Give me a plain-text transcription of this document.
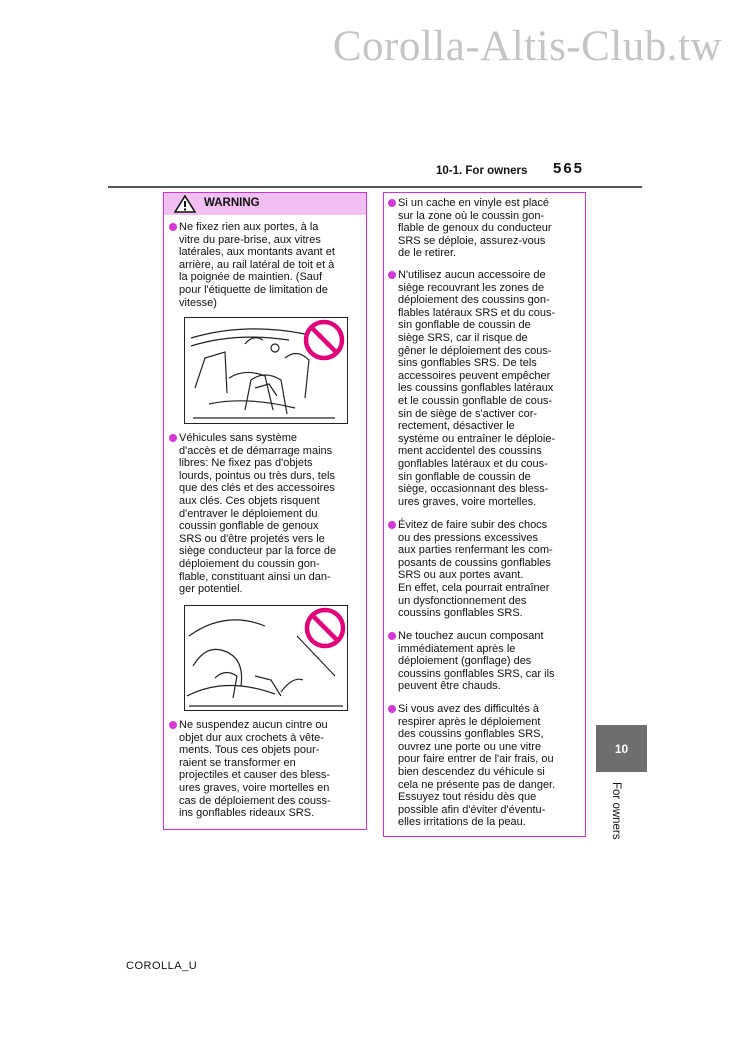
Corolla-Altis-Club.tw
10-1. For owners 565
WARNING
Ne fixez rien aux portes, à la
vitre du pare-brise, aux vitres
latérales, aux montants avant et
arrière, au rail latéral de toit et à
la poignée de maintien. (Sauf
pour l'étiquette de limitation de
vitesse)
Véhicules sans système
d'accès et de démarrage mains
libres: Ne fixez pas d'objets
lourds, pointus ou très durs, tels
que des clés et des accessoires
aux clés. Ces objets risquent
d'entraver le déploiement du
coussin gonflable de genoux
SRS ou d'être projetés vers le
siège conducteur par la force de
déploiement du coussin gon-
flable, constituant ainsi un dan-
ger potentiel.
Ne suspendez aucun cintre ou
objet dur aux crochets à vête-
ments. Tous ces objets pour-
raient se transformer en
projectiles et causer des bless-
ures graves, voire mortelles en
cas de déploiement des couss-
ins gonflables rideaux SRS.
Si un cache en vinyle est placé
sur la zone où le coussin gon-
flable de genoux du conducteur
SRS se déploie, assurez-vous
de le retirer.
N'utilisez aucun accessoire de
siège recouvrant les zones de
déploiement des coussins gon-
flables latéraux SRS et du cous-
sin gonflable de coussin de
siège SRS, car il risque de
gêner le déploiement des cous-
sins gonflables SRS. De tels
accessoires peuvent empêcher
les coussins gonflables latéraux
et le coussin gonflable de cous-
sin de siège de s'activer cor-
rectement, désactiver le
système ou entraîner le déploie-
ment accidentel des coussins
gonflables latéraux et du cous-
sin gonflable de coussin de
siège, occasionnant des bless-
ures graves, voire mortelles.
Évitez de faire subir des chocs
ou des pressions excessives
aux parties renfermant les com-
posants de coussins gonflables
SRS ou aux portes avant.
En effet, cela pourrait entraîner
un dysfonctionnement des
coussins gonflables SRS.
Ne touchez aucun composant
immédiatement après le
déploiement (gonflage) des
coussins gonflables SRS, car ils
peuvent être chauds.
Si vous avez des difficultés à
respirer après le déploiement
des coussins gonflables SRS,
ouvrez une porte ou une vitre
pour faire entrer de l'air frais, ou
bien descendez du véhicule si
cela ne présente pas de danger.
Essuyez tout résidu dès que
possible afin d'éviter d'éventu-
elles irritations de la peau.
10
For owners
COROLLA_U
